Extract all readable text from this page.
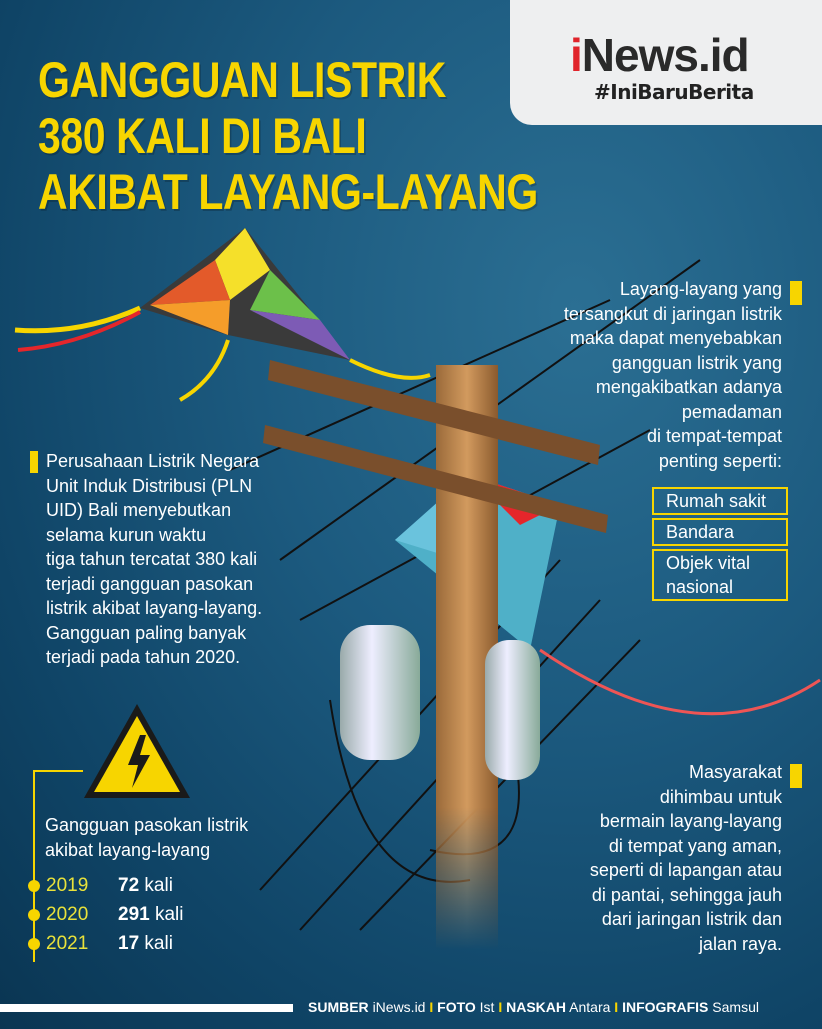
iNews.id
#IniBaruBerita
GANGGUAN LISTRIK
380 KALI DI BALI
AKIBAT LAYANG-LAYANG
Layang-layang yang
tersangkut di jaringan listrik
maka dapat menyebabkan
gangguan listrik yang
mengakibatkan adanya
pemadaman
di tempat-tempat
penting seperti:
Rumah sakit
Bandara
Objek vital
nasional
Perusahaan Listrik Negara
Unit Induk Distribusi (PLN
UID) Bali menyebutkan
selama kurun waktu
tiga tahun tercatat 380 kali
terjadi gangguan pasokan
listrik akibat layang-layang.
Gangguan paling banyak
terjadi pada tahun 2020.
Gangguan pasokan listrik
akibat layang-layang
2019 72 kali
2020 291 kali
2021 17 kali
Masyarakat
dihimbau untuk
bermain layang-layang
di tempat yang aman,
seperti di lapangan atau
di pantai, sehingga jauh
dari jaringan listrik dan
jalan raya.
SUMBER iNews.id I FOTO Ist I NASKAH Antara I INFOGRAFIS Samsul
